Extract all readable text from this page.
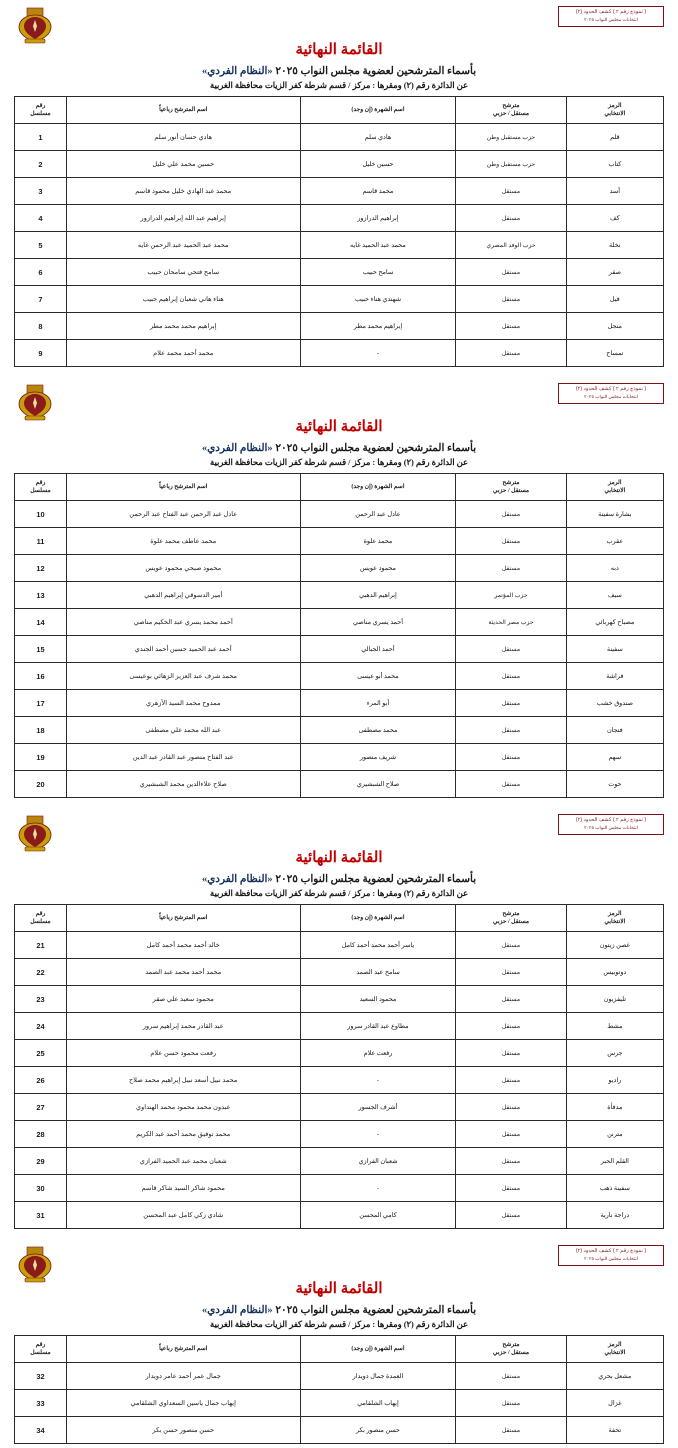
( نموذج رقم ٢ ) كشف الحدود (٢)
انتخابات مجلس النواب ٢٠٢٥
القائمة النهائية
بأسماء المترشحين لعضوية مجلس النواب ٢٠٢٥ «النظام الفردي»
عن الدائرة رقم (٢) ومقرها : مركز / قسم شرطة كفر الزيات محافظة الغربية
الرمز
الانتخابي	مترشح
مستقل / حزبي	اسم الشهرة (إن وجد)	اسم المترشح رباعياً	رقم
مسلسل
قلم	حزب مستقبل وطن	هادي سلم	هادي حسان أنور سلم	1
كتاب	حزب مستقبل وطن	حسين خليل	حسين محمد علي خليل	2
أسد	مستقل	محمد قاسم	محمد عبد الهادي خليل محمود قاسم	3
كف	مستقل	إبراهيم الدرازور	إبراهيم عبد الله إبراهيم الدرازور	4
نخلة	حزب الوفد المصري	محمد عبد الحميد غايه	محمد عبد الحميد عبد الرحمن غايه	5
صقر	مستقل	سامح حبيب	سامح فتحي سامحان حبيب	6
فيل	مستقل	شهندي هناء حبيب	هناء هاني شعبان إبراهيم حبيب	7
منجل	مستقل	إبراهيم محمد مطر	إبراهيم محمد محمد مطر	8
تمساح	مستقل	-	محمد أحمد محمد علام	9
( نموذج رقم ٢ ) كشف الحدود (٢)
انتخابات مجلس النواب ٢٠٢٥
القائمة النهائية
بأسماء المترشحين لعضوية مجلس النواب ٢٠٢٥ «النظام الفردي»
عن الدائرة رقم (٢) ومقرها : مركز / قسم شرطة كفر الزيات محافظة الغربية
الرمز
الانتخابي	مترشح
مستقل / حزبي	اسم الشهرة (إن وجد)	اسم المترشح رباعياً	رقم
مسلسل
بشارة سفينة	مستقل	عادل عبد الرحمن	عادل عبد الرحمن عبد الفتاح عبد الرحمن	10
عقرب	مستقل	محمد علوة	محمد عاطف محمد علوة	11
دبه	مستقل	محمود عويس	محمود صبحي محمود عويس	12
سيف	حزب المؤتمر	إبراهيم الدهبي	أمير الدسوقي إبراهيم الدهبي	13
مصباح كهربائي	حزب مصر الحديثة	أحمد يسري مناصي	أحمد محمد يسري عبد الحكيم مناصي	14
سفينة	مستقل	أحمد الجبالي	أحمد عبد الحميد حسين أحمد الجندي	15
فراشة	مستقل	محمد أبو عيسى	محمد شرف عبد العزيز الزهائي بوعيسى	16
صندوق خشب	مستقل	أبو المرء	ممدوح محمد السيد الأزهري	17
فنجان	مستقل	محمد مصطفى	عبد الله محمد علي مصطفى	18
سهم	مستقل	شريف منصور	عبد الفتاح منصور عبد القادر عبد الدين	19
حوت	مستقل	صلاح الشبشيري	صلاح علاءالدين محمد الشبشيري	20
( نموذج رقم ٢ ) كشف الحدود (٢)
انتخابات مجلس النواب ٢٠٢٥
القائمة النهائية
بأسماء المترشحين لعضوية مجلس النواب ٢٠٢٥ «النظام الفردي»
عن الدائرة رقم (٢) ومقرها : مركز / قسم شرطة كفر الزيات محافظة الغربية
الرمز
الانتخابي	مترشح
مستقل / حزبي	اسم الشهرة (إن وجد)	اسم المترشح رباعياً	رقم
مسلسل
غصن زيتون	مستقل	ياسر أحمد محمد أحمد كامل	خالد أحمد محمد أحمد كامل	21
دوتوبيس	مستقل	سامح عبد الصمد	محمد أحمد محمد عبد الصمد	22
تليفزيون	مستقل	محمود السعيد	محمود سعيد علي صقر	23
مشط	مستقل	مطاوع عبد القادر سرور	عبد القادر محمد إبراهيم سرور	24
جرس	مستقل	رفعت علام	رفعت محمود حسن علام	25
راديو	مستقل	-	محمد نبيل أسعد نبيل إبراهيم محمد صلاح	26
مدفأة	مستقل	أشرف الجسور	عبدون محمد محمود محمد الهنداوي	27
مترنن	مستقل	-	محمد توفيق محمد أحمد عبد الكريم	28
القلم الحبر	مستقل	شعبان الفرازي	شعبان محمد عبد الحميد الفرازي	29
سفينة ذهب	مستقل	-	محمود شاكر السيد شاكر قاسم	30
دراجة نارية	مستقل	كامي المحسن	شادي زكي كامل عبد المحسن	31
( نموذج رقم ٢ ) كشف الحدود (٢)
انتخابات مجلس النواب ٢٠٢٥
القائمة النهائية
بأسماء المترشحين لعضوية مجلس النواب ٢٠٢٥ «النظام الفردي»
عن الدائرة رقم (٢) ومقرها : مركز / قسم شرطة كفر الزيات محافظة الغربية
الرمز
الانتخابي	مترشح
مستقل / حزبي	اسم الشهرة (إن وجد)	اسم المترشح رباعياً	رقم
مسلسل
مشعل بحري	مستقل	العمدة جمال دويدار	جمال عمر أحمد عامر دويدار	32
غزال	مستقل	إيهاب الشلقامي	إيهاب جمال ياسين السعداوي الشلقامي	33
تحفة	مستقل	حسن منصور بكر	حسن منصور حسن بكر	34
